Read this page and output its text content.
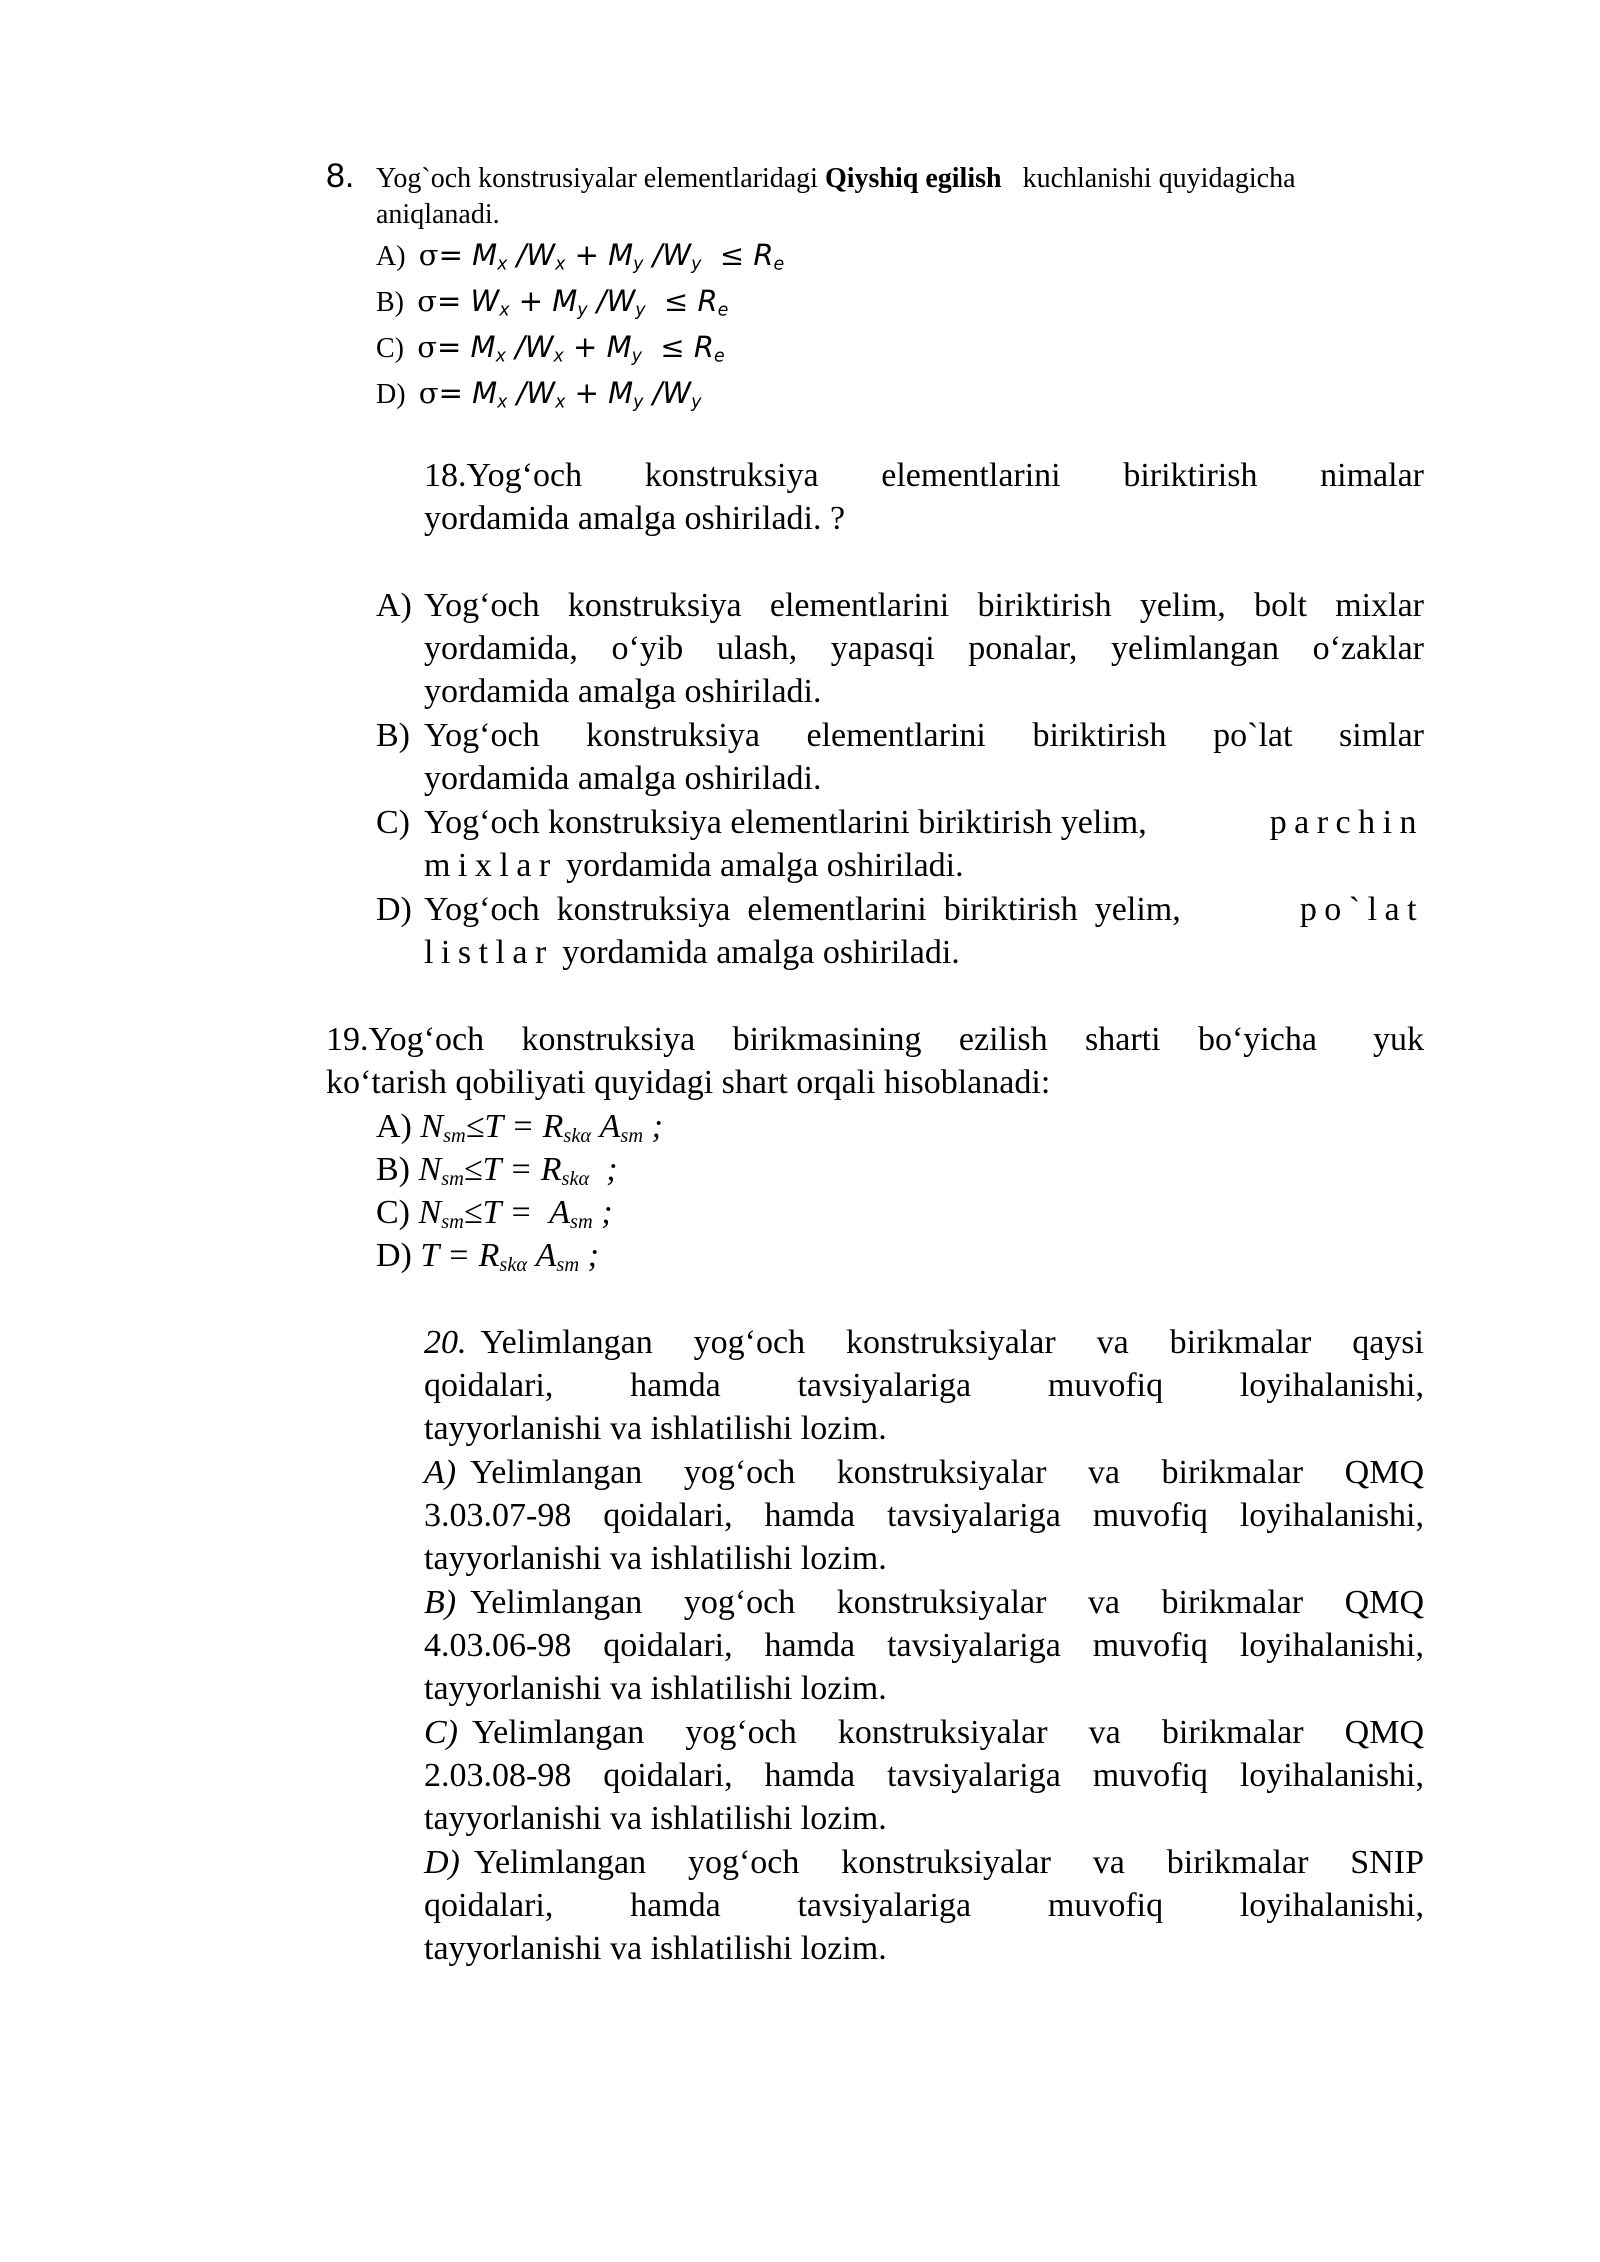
8. Yog`och konstrusiyalar elementlaridagi Qiyshiq egilish kuchlanishi quyidagicha
aniqlanadi.
A) $\sigma= M_x$ $/W_x + M_y$ $/W_y \le R_e$
B) $\sigma= W_x + M_y$ $/W_y \le R_e$
C) $\sigma= M_x$ $/W_x + M_y \le R_e$
D) $\sigma= M_x$ $/W_x + M_y$ $/W_y$
18.Yog‘och konstruksiya elementlarini biriktirish nimalar
yordamida amalga oshiriladi. ?
A) Yog‘och konstruksiya elementlarini biriktirish yelim, bolt mixlar
yordamida, o‘yib ulash, yapasqi ponalar, yelimlangan o‘zaklar
yordamida amalga oshiriladi.
B) Yog‘och konstruksiya elementlarini biriktirish po`lat simlar
yordamida amalga oshiriladi.
C) Yog‘och konstruksiya elementlarini biriktirish yelim,	parchin
mixlar yordamida amalga oshiriladi.
D) Yog‘och  konstruksiya  elementlarini  biriktirish  yelim,	po`lat
listlar yordamida amalga oshiriladi.
19.Yog‘och  konstruksiya  birikmasining  ezilish  sharti  bo‘yicha   yuk
ko‘tarish qobiliyati quyidagi shart orqali hisoblanadi:
A) $N_{sm}\le T = R_{sk\alpha}$ $A_{sm}$ ;
B) $N_{sm}\le T = R_{sk\alpha}$  ;
C) $N_{sm}\le T = A_{sm}$ ;
D) $T = R_{sk\alpha}$ $A_{sm}$ ;
20. Yelimlangan yog‘och konstruksiyalar va birikmalar qaysi
qoidalari, hamda tavsiyalariga muvofiq loyihalanishi,
tayyorlanishi va ishlatilishi lozim.
A) Yelimlangan yog‘och konstruksiyalar va birikmalar QMQ
3.03.07-98 qoidalari, hamda tavsiyalariga muvofiq loyihalanishi,
tayyorlanishi va ishlatilishi lozim.
B) Yelimlangan yog‘och konstruksiyalar va birikmalar QMQ
4.03.06-98 qoidalari, hamda tavsiyalariga muvofiq loyihalanishi,
tayyorlanishi va ishlatilishi lozim.
C) Yelimlangan yog‘och konstruksiyalar va birikmalar QMQ
2.03.08-98 qoidalari, hamda tavsiyalariga muvofiq loyihalanishi,
tayyorlanishi va ishlatilishi lozim.
D) Yelimlangan yog‘och konstruksiyalar va birikmalar SNIP
qoidalari, hamda tavsiyalariga muvofiq loyihalanishi,
tayyorlanishi va ishlatilishi lozim.
